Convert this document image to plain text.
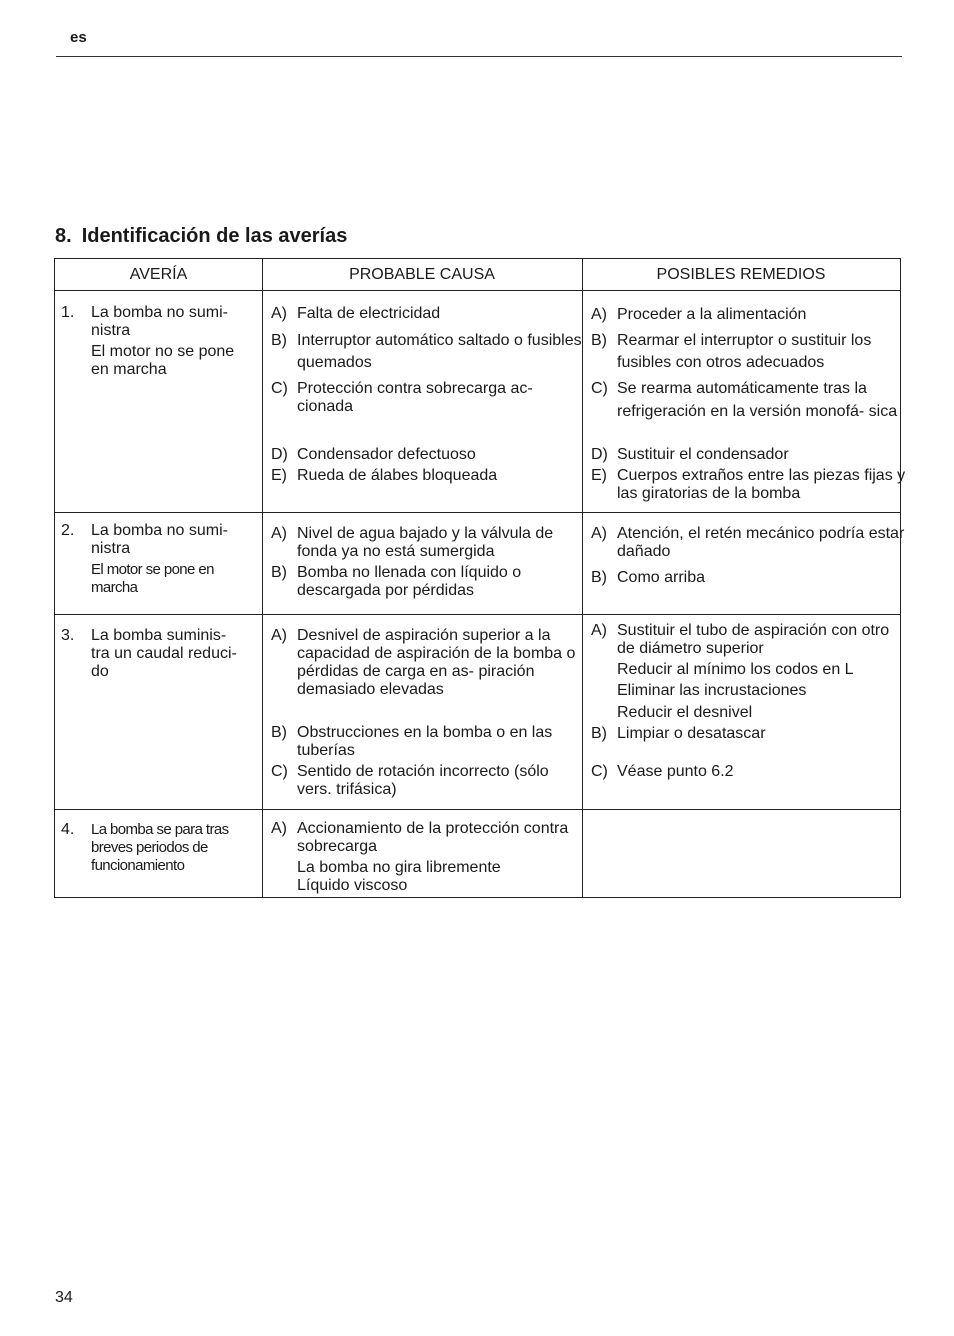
es
8. Identificación de las averías
AVERÍA	PROBABLE CAUSA	POSIBLES REMEDIOS
1. La bomba no sumi-
nistra
El motor no se pone
en marcha
A) Falta de electricidad
B) Interruptor automático saltado o fusibles quemados
C) Protección contra sobrecarga ac- cionada
D) Condensador defectuoso
E) Rueda de álabes bloqueada
A) Proceder a la alimentación
B) Rearmar el interruptor o sustituir los fusibles con otros adecuados
C) Se rearma automáticamente tras la refrigeración en la versión monofá- sica
D) Sustituir el condensador
E) Cuerpos extraños entre las piezas fijas y las giratorias de la bomba
2. La bomba no sumi-
nistra
El motor se pone en
marcha
A) Nivel de agua bajado y la válvula de fonda ya no está sumergida
B) Bomba no llenada con líquido o descargada por pérdidas
A) Atención, el retén mecánico podría estar dañado
B) Como arriba
3. La bomba suminis-
tra un caudal reduci-
do
A) Desnivel de aspiración superior a la capacidad de aspiración de la bomba o pérdidas de carga en as- piración demasiado elevadas
B) Obstrucciones en la bomba o en las tuberías
C) Sentido de rotación incorrecto (sólo vers. trifásica)
A) Sustituir el tubo de aspiración con otro de diámetro superior
Reducir al mínimo los codos en L
Eliminar las incrustaciones
Reducir el desnivel
B) Limpiar o desatascar
C) Véase punto 6.2
4. La bomba se para tras
breves periodos de
funcionamiento
A) Accionamiento de la protección contra sobrecarga
La bomba no gira libremente
Líquido viscoso
34
